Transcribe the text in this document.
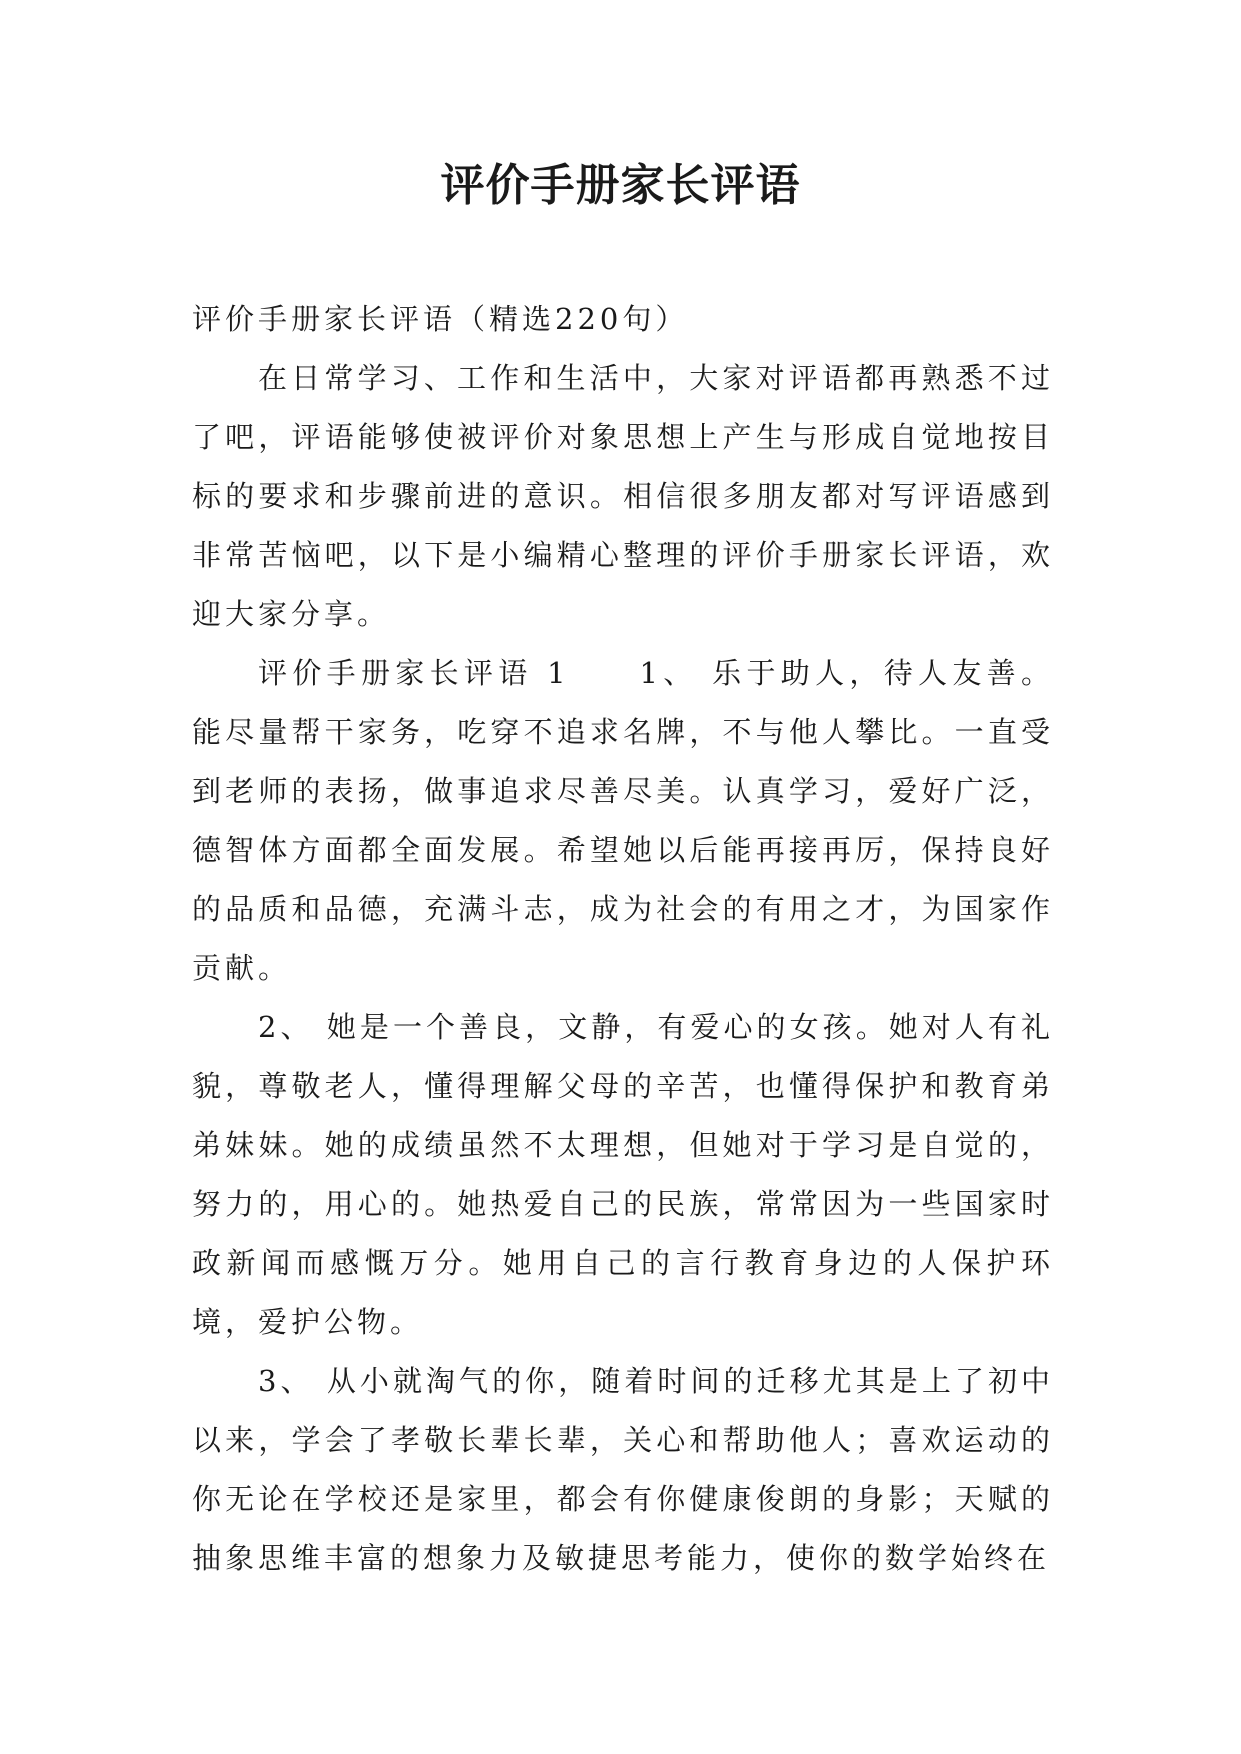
评价手册家长评语

评价手册家长评语（精选220句）

在日常学习、工作和生活中，大家对评语都再熟悉不过了吧，评语能够使被评价对象思想上产生与形成自觉地按目标的要求和步骤前进的意识。相信很多朋友都对写评语感到非常苦恼吧，以下是小编精心整理的评价手册家长评语，欢迎大家分享。

评价手册家长评语 1　　1、 乐于助人，待人友善。能尽量帮干家务，吃穿不追求名牌，不与他人攀比。一直受到老师的表扬，做事追求尽善尽美。认真学习，爱好广泛，德智体方面都全面发展。希望她以后能再接再厉，保持良好的品质和品德，充满斗志，成为社会的有用之才，为国家作贡献。

2、 她是一个善良，文静，有爱心的女孩。她对人有礼貌，尊敬老人，懂得理解父母的辛苦，也懂得保护和教育弟弟妹妹。她的成绩虽然不太理想，但她对于学习是自觉的，努力的，用心的。她热爱自己的民族，常常因为一些国家时政新闻而感慨万分。她用自己的言行教育身边的人保护环境，爱护公物。

3、 从小就淘气的你，随着时间的迁移尤其是上了初中以来，学会了孝敬长辈长辈，关心和帮助他人；喜欢运动的你无论在学校还是家里，都会有你健康俊朗的身影；天赋的抽象思维丰富的想象力及敏捷思考能力，使你的数学始终在
